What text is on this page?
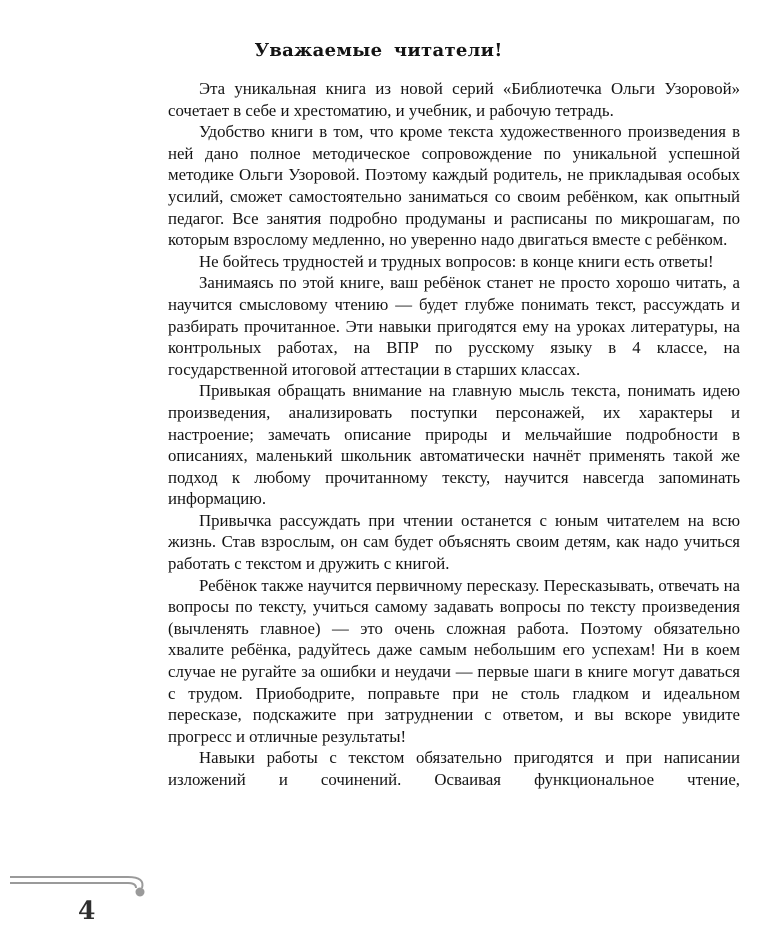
Уважаемые читатели!

Эта уникальная книга из новой серий «Библиотечка Ольги Узоровой» сочетает в себе и хрестоматию, и учебник, и рабочую тетрадь.

Удобство книги в том, что кроме текста художественного произведения в ней дано полное методическое сопровождение по уникальной успешной методике Ольги Узоровой. Поэтому каждый родитель, не прикладывая особых усилий, сможет самостоятельно заниматься со своим ребёнком, как опытный педагог. Все занятия подробно продуманы и расписаны по микрошагам, по которым взрослому медленно, но уверенно надо двигаться вместе с ребёнком.

Не бойтесь трудностей и трудных вопросов: в конце книги есть ответы!

Занимаясь по этой книге, ваш ребёнок станет не просто хорошо читать, а научится смысловому чтению — будет глубже понимать текст, рассуждать и разбирать прочитанное. Эти навыки пригодятся ему на уроках литературы, на контрольных работах, на ВПР по русскому языку в 4 классе, на государственной итоговой аттестации в старших классах.

Привыкая обращать внимание на главную мысль текста, понимать идею произведения, анализировать поступки персонажей, их характеры и настроение; замечать описание природы и мельчайшие подробности в описаниях, маленький школьник автоматически начнёт применять такой же подход к любому прочитанному тексту, научится навсегда запоминать информацию.

Привычка рассуждать при чтении останется с юным читателем на всю жизнь. Став взрослым, он сам будет объяснять своим детям, как надо учиться работать с текстом и дружить с книгой.

Ребёнок также научится первичному пересказу. Пересказывать, отвечать на вопросы по тексту, учиться самому задавать вопросы по тексту произведения (вычленять главное) — это очень сложная работа. Поэтому обязательно хвалите ребёнка, радуйтесь даже самым небольшим его успехам! Ни в коем случае не ругайте за ошибки и неудачи — первые шаги в книге могут даваться с трудом. Приободрите, поправьте при не столь гладком и идеальном пересказе, подскажите при затруднении с ответом, и вы вскоре увидите прогресс и отличные результаты!

Навыки работы с текстом обязательно пригодятся и при написании изложений и сочинений. Осваивая функциональное чтение,

4
